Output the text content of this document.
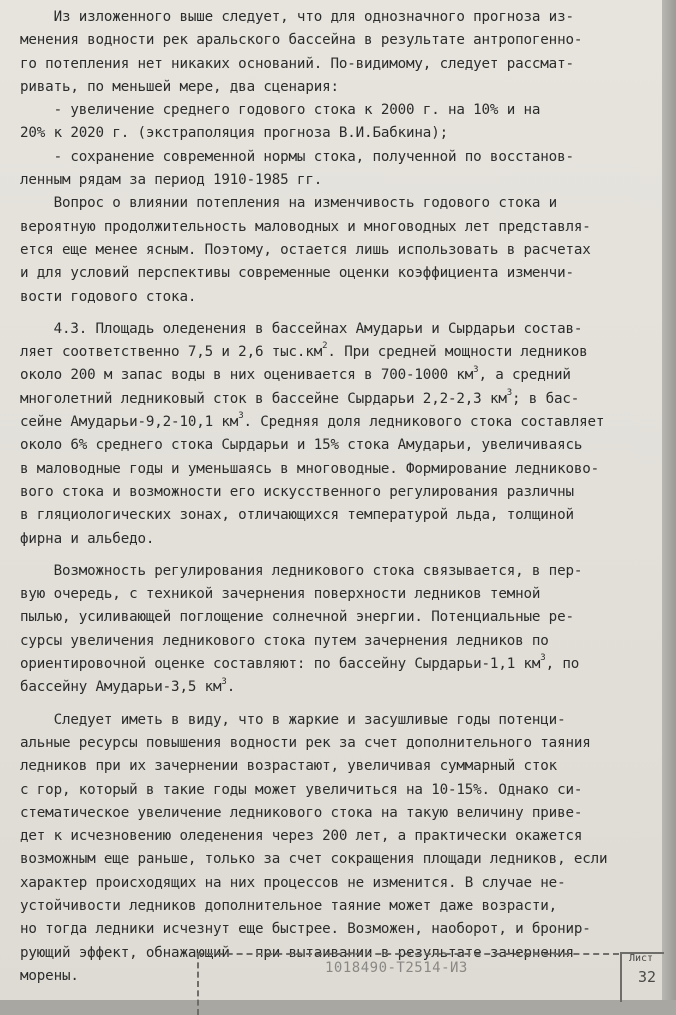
Из изложенного выше следует, что для однозначного прогноза из-
менения водности рек аральского бассейна в результате антропогенно-
го потепления нет никаких оснований. По-видимому, следует рассмат-
ривать, по меньшей мере, два сценария:
- увеличение среднего годового стока к 2000 г. на 10% и на
20% к 2020 г. (экстраполяция прогноза В.И.Бабкина);
- сохранение современной нормы стока, полученной по восстанов-
ленным рядам за период 1910-1985 гг.
Вопрос о влиянии потепления на изменчивость годового стока и
вероятную продолжительность маловодных и многоводных лет представля-
ется еще менее ясным. Поэтому, остается лишь использовать в расчетах
и для условий перспективы современные оценки коэффициента изменчи-
вости годового стока.
4.3. Площадь оледенения в бассейнах Амударьи и Сырдарьи состав-
ляет соответственно 7,5 и 2,6 $тыс.км^2$. При средней мощности ледников
около 200 м запас воды в них оценивается в 700-1000 $км^3$, а средний
многолетний ледниковый сток в бассейне Сырдарьи 2,2-2,3 $км^3$; в бас-
сейне Амударьи-9,2-10,1 $км^3$. Средняя доля ледникового стока составляет
около 6% среднего стока Сырдарьи и 15% стока Амударьи, увеличиваясь
в маловодные годы и уменьшаясь в многоводные. Формирование ледниково-
вого стока и возможности его искусственного регулирования различны
в гляциологических зонах, отличающихся температурой льда, толщиной
фирна и альбедо.
Возможность регулирования ледникового стока связывается, в пер-
вую очередь, с техникой зачернения поверхности ледников темной
пылью, усиливающей поглощение солнечной энергии. Потенциальные ре-
сурсы увеличения ледникового стока путем зачернения ледников по
ориентировочной оценке составляют: по бассейну Сырдарьи-1,1 $км^3$, по
бассейну Амударьи-3,5 $км^3$.
Следует иметь в виду, что в жаркие и засушливые годы потенци-
альные ресурсы повышения водности рек за счет дополнительного таяния
ледников при их зачернении возрастают, увеличивая суммарный сток
с гор, который в такие годы может увеличиться на 10-15%. Однако си-
стематическое увеличение ледникового стока на такую величину приве-
дет к исчезновению оледенения через 200 лет, а практически окажется
возможным еще раньше, только за счет сокращения площади ледников, если
характер происходящих на них процессов не изменится. В случае не-
устойчивости ледников дополнительное таяние может даже возрасти,
но тогда ледники исчезнут еще быстрее. Возможен, наоборот, и бронир-
рующий эффект, обнажающий   при вытаивании в результате зачернения
морены.	1018490-Т2514-ИЗ
Лист
32
